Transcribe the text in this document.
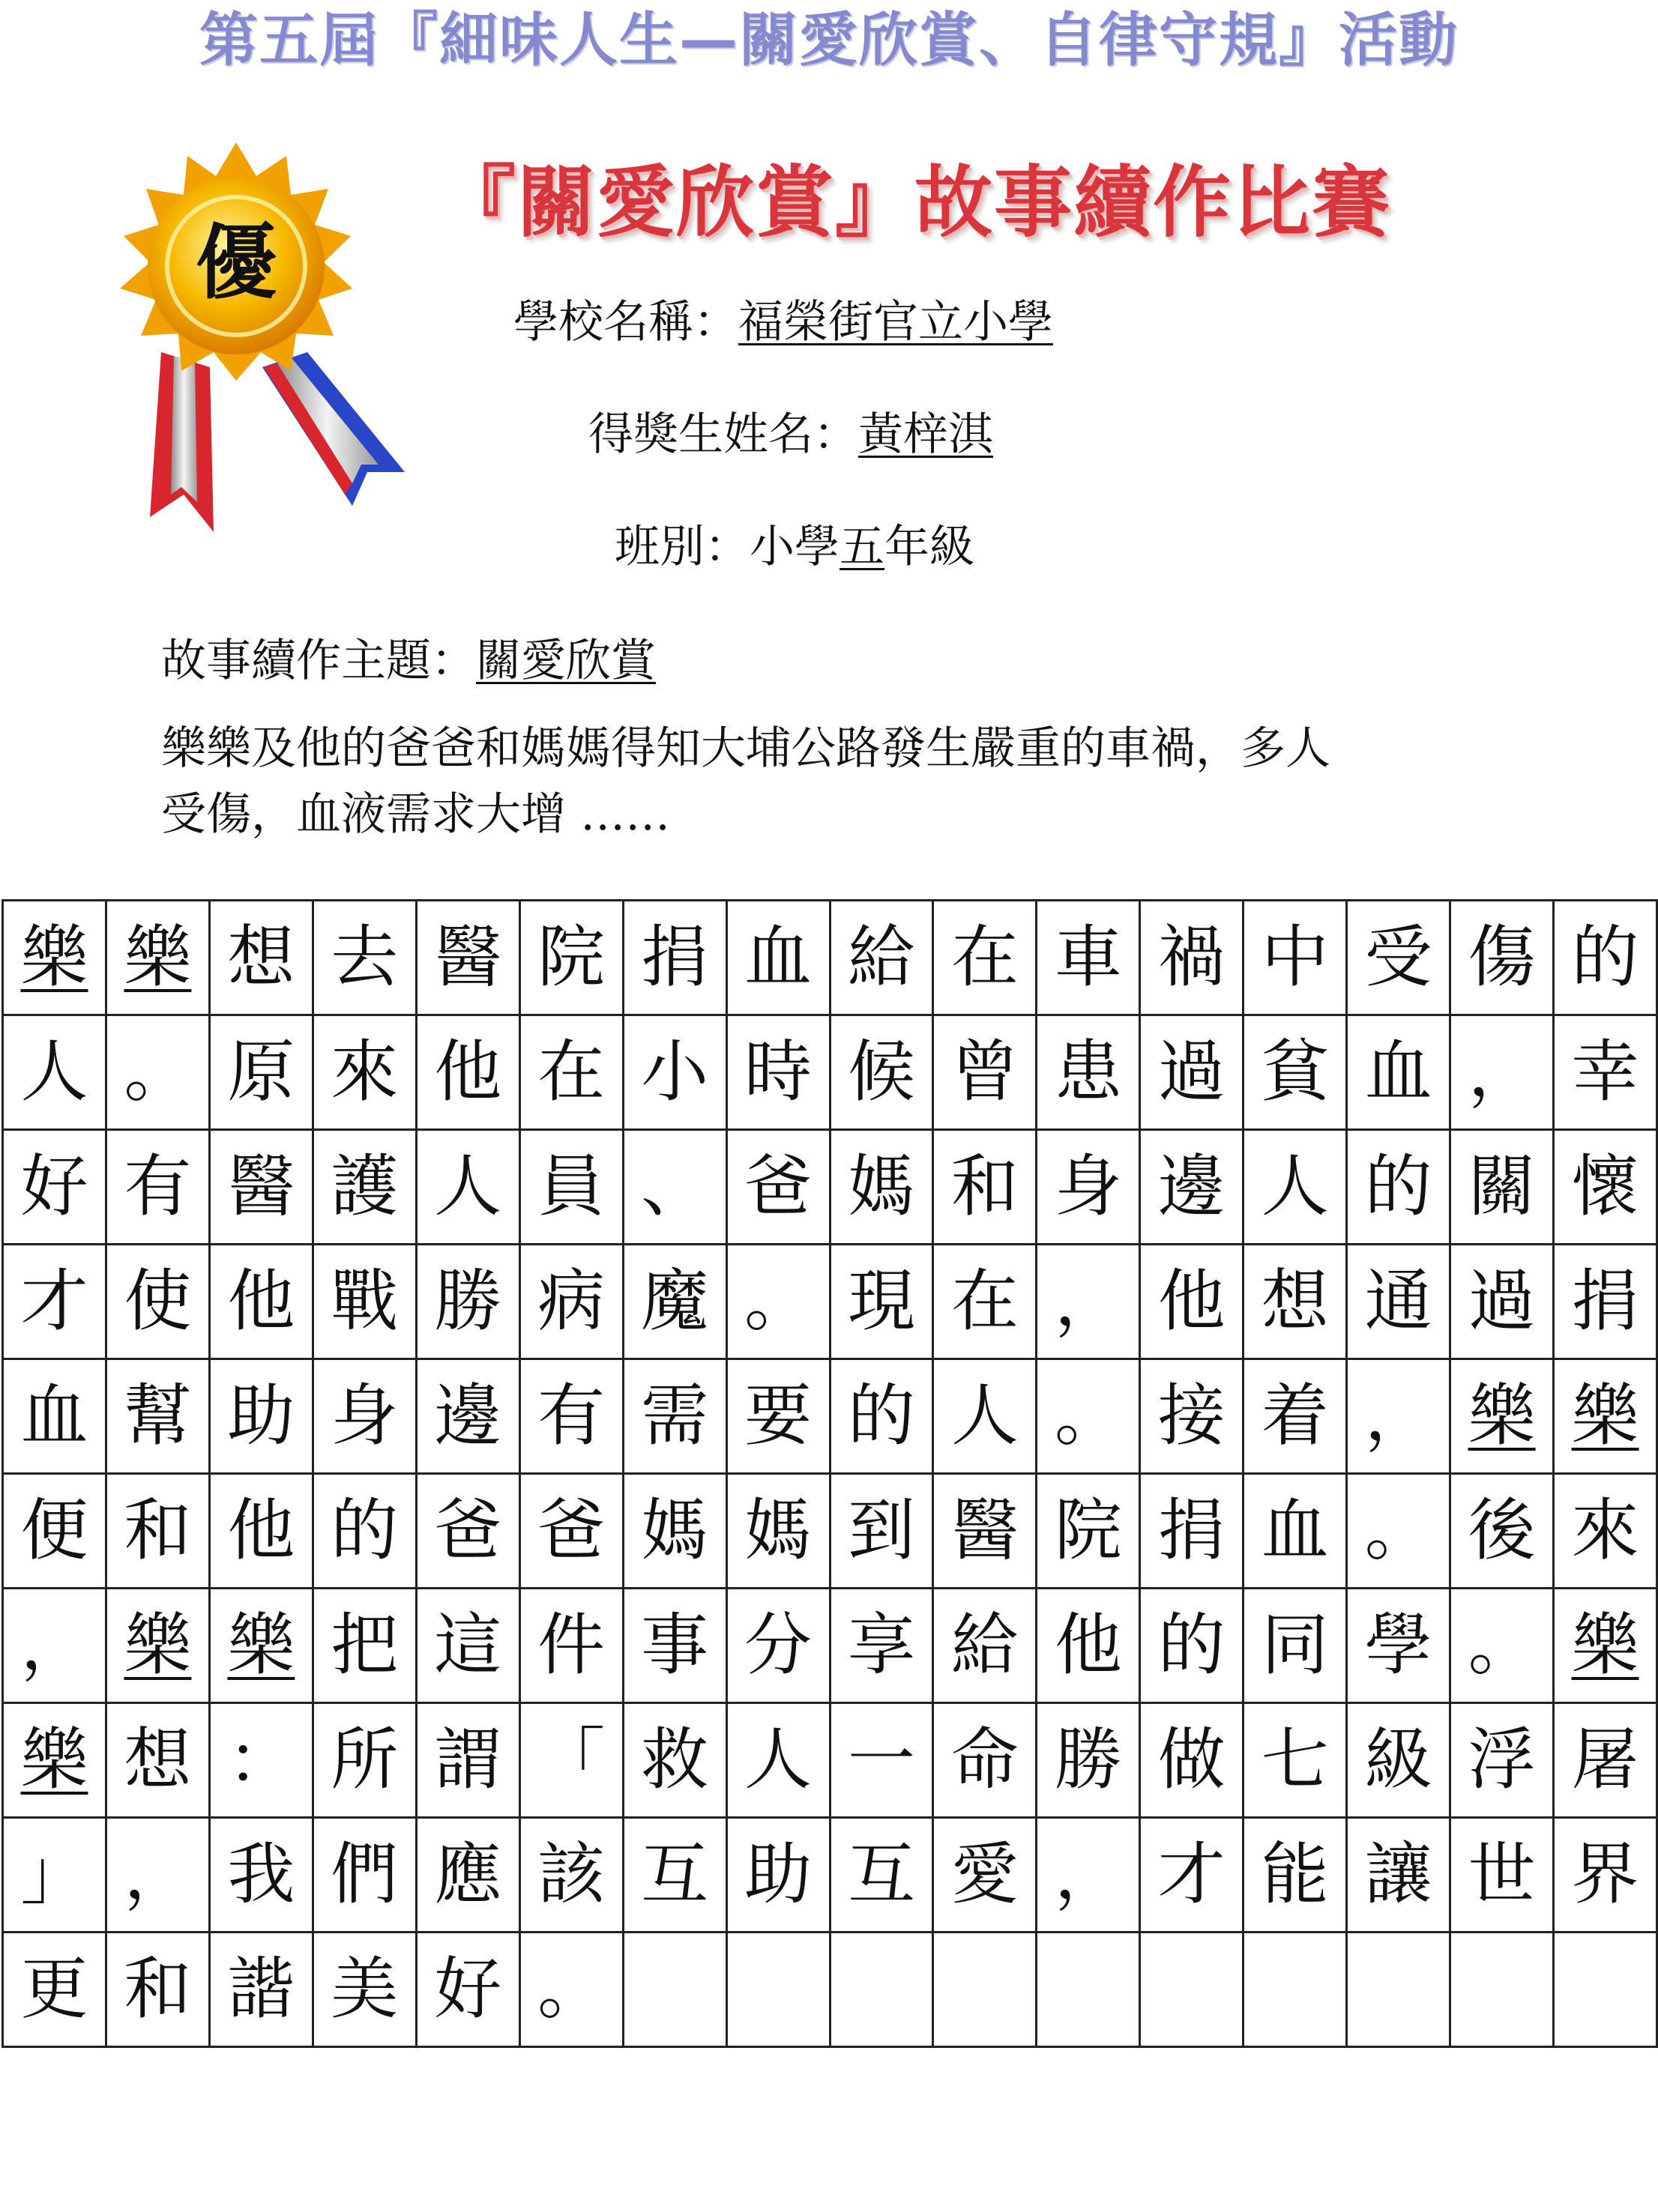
第五屆『細味人生—關愛欣賞、自律守規』活動
優
『關愛欣賞』故事續作比賽
學校名稱：福榮街官立小學
得獎生姓名：黃梓淇
班別：小學五年級
故事續作主題：關愛欣賞
樂樂及他的爸爸和媽媽得知大埔公路發生嚴重的車禍，多人
受傷，血液需求大增 ……
樂	樂	想	去	醫	院	捐	血	給	在	車	禍	中	受	傷	的
人	。	原	來	他	在	小	時	候	曾	患	過	貧	血	，	幸
好	有	醫	護	人	員	、	爸	媽	和	身	邊	人	的	關	懷
才	使	他	戰	勝	病	魔	。	現	在	，	他	想	通	過	捐
血	幫	助	身	邊	有	需	要	的	人	。	接	着	，	樂	樂
便	和	他	的	爸	爸	媽	媽	到	醫	院	捐	血	。	後	來
，	樂	樂	把	這	件	事	分	享	給	他	的	同	學	。	樂
樂	想	：	所	謂	「	救	人	一	命	勝	做	七	級	浮	屠
」	，	我	們	應	該	互	助	互	愛	，	才	能	讓	世	界
更	和	諧	美	好	。										
